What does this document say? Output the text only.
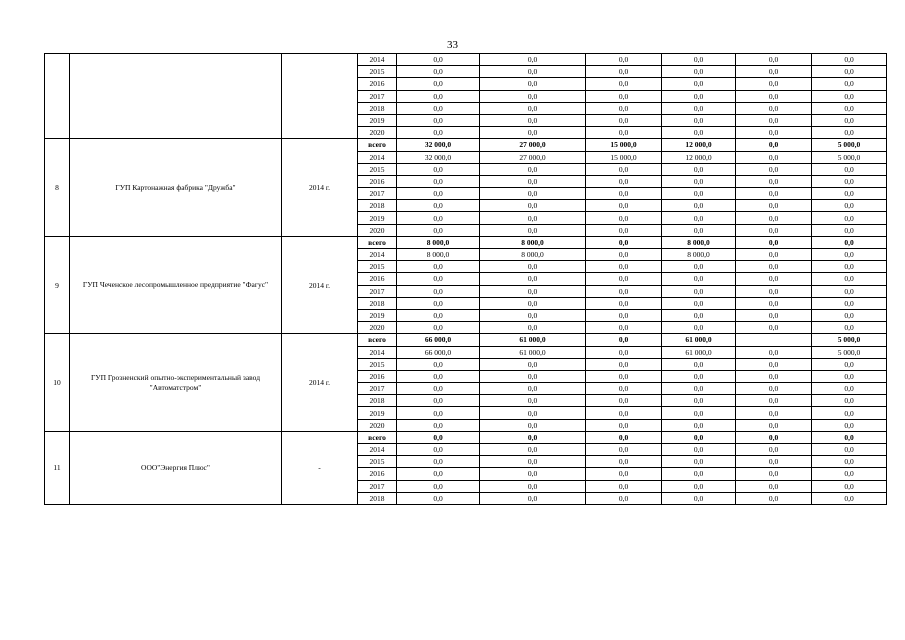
33
			2014	0,0	0,0	0,0	0,0	0,0	0,0
			2015	0,0	0,0	0,0	0,0	0,0	0,0
			2016	0,0	0,0	0,0	0,0	0,0	0,0
			2017	0,0	0,0	0,0	0,0	0,0	0,0
			2018	0,0	0,0	0,0	0,0	0,0	0,0
			2019	0,0	0,0	0,0	0,0	0,0	0,0
			2020	0,0	0,0	0,0	0,0	0,0	0,0
8	ГУП Картонажная фабрика "Дружба"	2014 г.	всего	32 000,0	27 000,0	15 000,0	12 000,0	0,0	5 000,0
			2014	32 000,0	27 000,0	15 000,0	12 000,0	0,0	5 000,0
			2015	0,0	0,0	0,0	0,0	0,0	0,0
			2016	0,0	0,0	0,0	0,0	0,0	0,0
			2017	0,0	0,0	0,0	0,0	0,0	0,0
			2018	0,0	0,0	0,0	0,0	0,0	0,0
			2019	0,0	0,0	0,0	0,0	0,0	0,0
			2020	0,0	0,0	0,0	0,0	0,0	0,0
9	ГУП Чеченское лесопромышленное предприятие "Фагус"	2014 г.	всего	8 000,0	8 000,0	0,0	8 000,0	0,0	0,0
			2014	8 000,0	8 000,0	0,0	8 000,0	0,0	0,0
			2015	0,0	0,0	0,0	0,0	0,0	0,0
			2016	0,0	0,0	0,0	0,0	0,0	0,0
			2017	0,0	0,0	0,0	0,0	0,0	0,0
			2018	0,0	0,0	0,0	0,0	0,0	0,0
			2019	0,0	0,0	0,0	0,0	0,0	0,0
			2020	0,0	0,0	0,0	0,0	0,0	0,0
10	ГУП Грозненский опытно-экспериментальный завод "Автоматстром"	2014 г.	всего	66 000,0	61 000,0	0,0	61 000,0		5 000,0
			2014	66 000,0	61 000,0	0,0	61 000,0	0,0	5 000,0
			2015	0,0	0,0	0,0	0,0	0,0	0,0
			2016	0,0	0,0	0,0	0,0	0,0	0,0
			2017	0,0	0,0	0,0	0,0	0,0	0,0
			2018	0,0	0,0	0,0	0,0	0,0	0,0
			2019	0,0	0,0	0,0	0,0	0,0	0,0
			2020	0,0	0,0	0,0	0,0	0,0	0,0
11	ООО"Энергия Плюс"	-	всего	0,0	0,0	0,0	0,0	0,0	0,0
			2014	0,0	0,0	0,0	0,0	0,0	0,0
			2015	0,0	0,0	0,0	0,0	0,0	0,0
			2016	0,0	0,0	0,0	0,0	0,0	0,0
			2017	0,0	0,0	0,0	0,0	0,0	0,0
			2018	0,0	0,0	0,0	0,0	0,0	0,0
